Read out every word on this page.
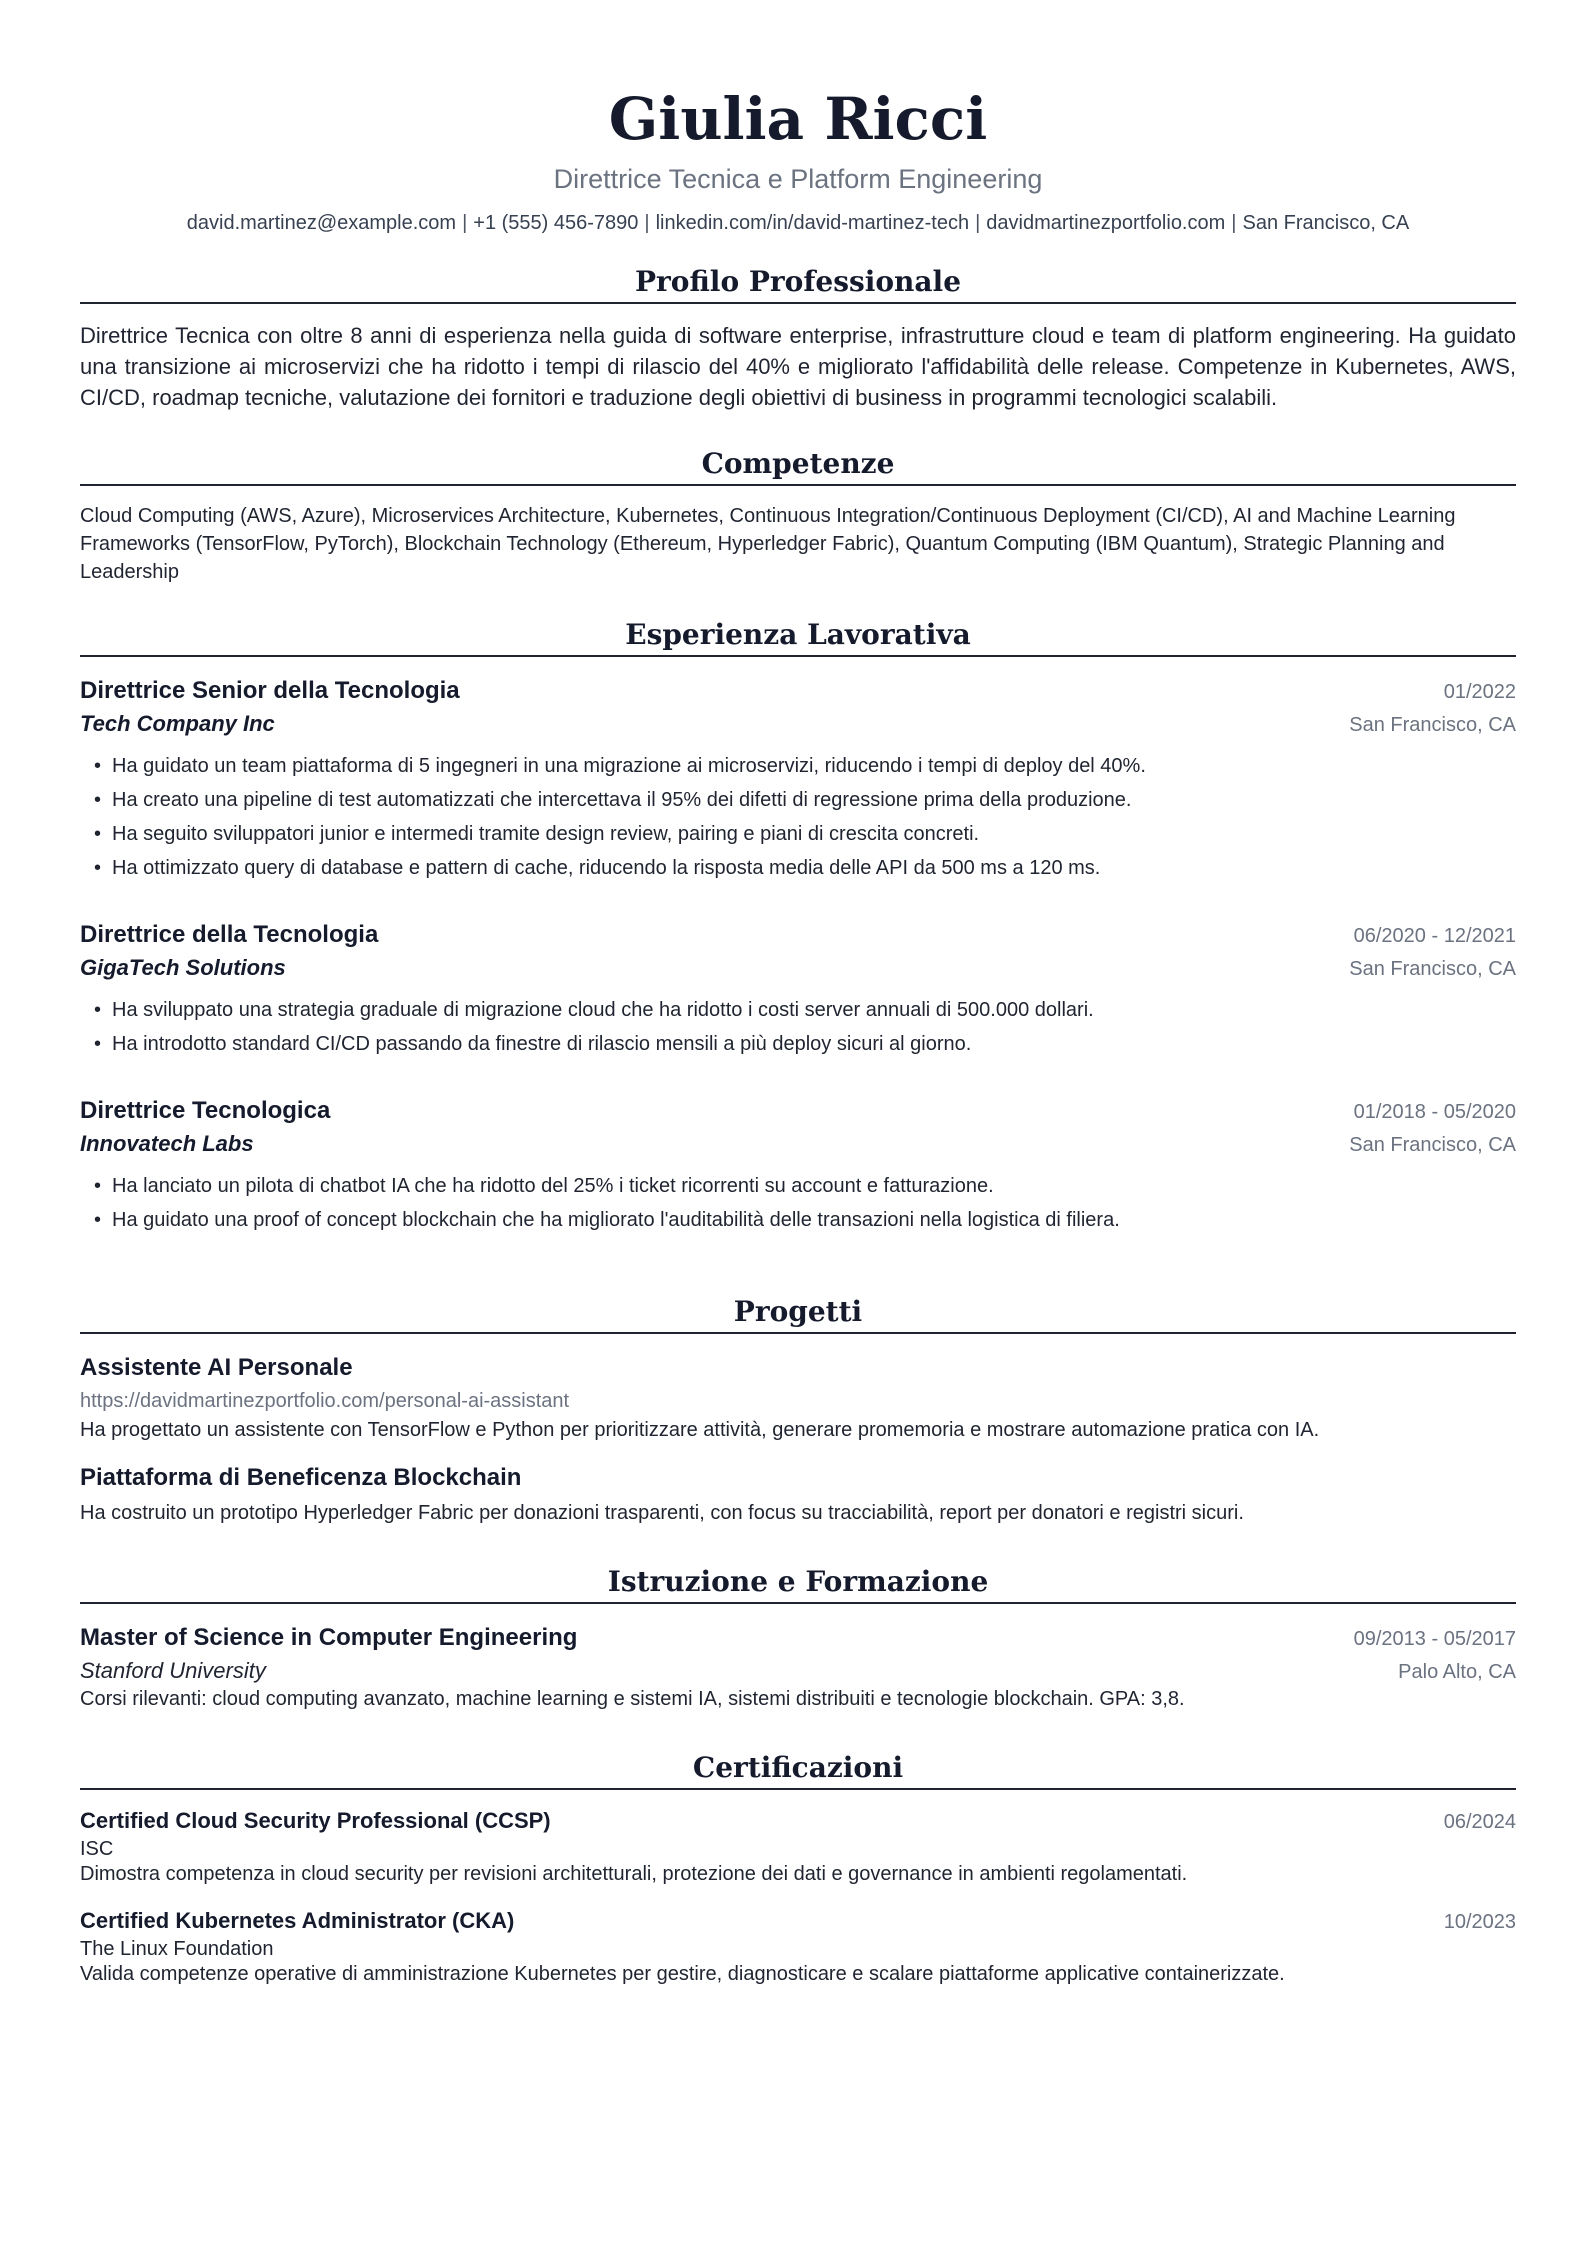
Giulia Ricci
Direttrice Tecnica e Platform Engineering
david.martinez@example.com | +1 (555) 456-7890 | linkedin.com/in/david-martinez-tech | davidmartinezportfolio.com | San Francisco, CA
Profilo Professionale
Direttrice Tecnica con oltre 8 anni di esperienza nella guida di software enterprise, infrastrutture cloud e team di platform engineering. Ha guidato una transizione ai microservizi che ha ridotto i tempi di rilascio del 40% e migliorato l'affidabilità delle release. Competenze in Kubernetes, AWS, CI/CD, roadmap tecniche, valutazione dei fornitori e traduzione degli obiettivi di business in programmi tecnologici scalabili.
Competenze
Cloud Computing (AWS, Azure), Microservices Architecture, Kubernetes, Continuous Integration/Continuous Deployment (CI/CD), AI and Machine Learning Frameworks (TensorFlow, PyTorch), Blockchain Technology (Ethereum, Hyperledger Fabric), Quantum Computing (IBM Quantum), Strategic Planning and Leadership
Esperienza Lavorativa
Direttrice Senior della Tecnologia	01/2022
Tech Company Inc	San Francisco, CA
• Ha guidato un team piattaforma di 5 ingegneri in una migrazione ai microservizi, riducendo i tempi di deploy del 40%.
• Ha creato una pipeline di test automatizzati che intercettava il 95% dei difetti di regressione prima della produzione.
• Ha seguito sviluppatori junior e intermedi tramite design review, pairing e piani di crescita concreti.
• Ha ottimizzato query di database e pattern di cache, riducendo la risposta media delle API da 500 ms a 120 ms.
Direttrice della Tecnologia	06/2020 - 12/2021
GigaTech Solutions	San Francisco, CA
• Ha sviluppato una strategia graduale di migrazione cloud che ha ridotto i costi server annuali di 500.000 dollari.
• Ha introdotto standard CI/CD passando da finestre di rilascio mensili a più deploy sicuri al giorno.
Direttrice Tecnologica	01/2018 - 05/2020
Innovatech Labs	San Francisco, CA
• Ha lanciato un pilota di chatbot IA che ha ridotto del 25% i ticket ricorrenti su account e fatturazione.
• Ha guidato una proof of concept blockchain che ha migliorato l'auditabilità delle transazioni nella logistica di filiera.
Progetti
Assistente AI Personale
https://davidmartinezportfolio.com/personal-ai-assistant
Ha progettato un assistente con TensorFlow e Python per prioritizzare attività, generare promemoria e mostrare automazione pratica con IA.
Piattaforma di Beneficenza Blockchain
Ha costruito un prototipo Hyperledger Fabric per donazioni trasparenti, con focus su tracciabilità, report per donatori e registri sicuri.
Istruzione e Formazione
Master of Science in Computer Engineering	09/2013 - 05/2017
Stanford University	Palo Alto, CA
Corsi rilevanti: cloud computing avanzato, machine learning e sistemi IA, sistemi distribuiti e tecnologie blockchain. GPA: 3,8.
Certificazioni
Certified Cloud Security Professional (CCSP)	06/2024
ISC
Dimostra competenza in cloud security per revisioni architetturali, protezione dei dati e governance in ambienti regolamentati.
Certified Kubernetes Administrator (CKA)	10/2023
The Linux Foundation
Valida competenze operative di amministrazione Kubernetes per gestire, diagnosticare e scalare piattaforme applicative containerizzate.
